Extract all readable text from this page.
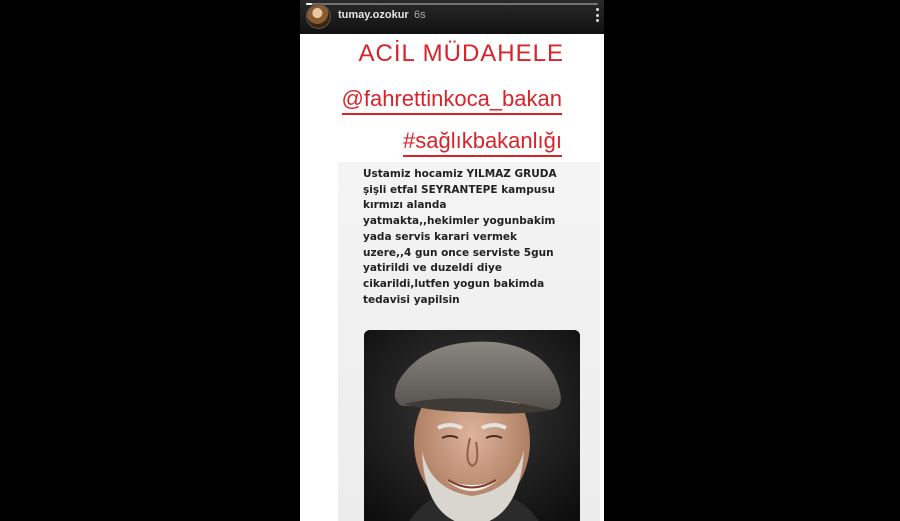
tumay.ozokur 6s
ACİL MÜDAHELE
@fahrettinkoca_bakan
#sağlıkbakanlığı
Ustamiz hocamiz YILMAZ GRUDA
şişli etfal SEYRANTEPE kampusu
kırmızı alanda
yatmakta,,hekimler yogunbakim
yada servis karari vermek
uzere,,4 gun once serviste 5gun
yatirildi ve duzeldi diye
cikarildi,lutfen yogun bakimda
tedavisi yapilsin
